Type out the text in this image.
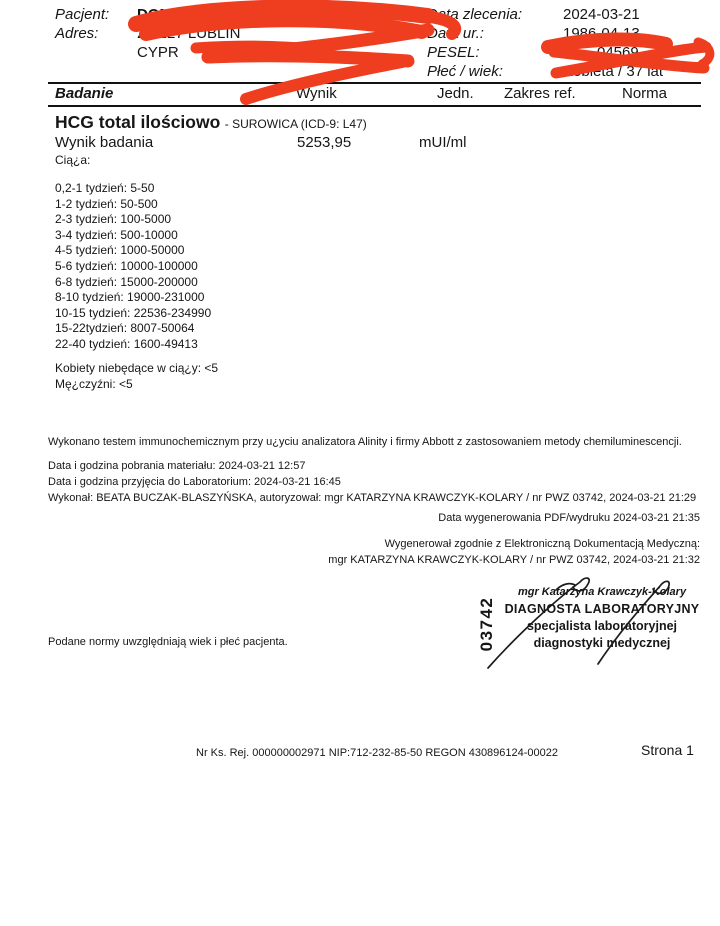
Pacjent: DOM	NA
Adres:	20-227 LUBLIN
CYPR
Data zlecenia:	2024-03-21
Data ur.:	1986-04-13
PESEL:	04569
Płeć / wiek:	Kobieta / 37 lat
Badanie	Wynik	Jedn. Zakres ref.	Norma
HCG total ilościowo - SUROWICA (ICD-9: L47)
Wynik badania	5253,95	mUI/ml
Cią¿a:
0,2-1 tydzień: 5-50
1-2 tydzień: 50-500
2-3 tydzień: 100-5000
3-4 tydzień: 500-10000
4-5 tydzień: 1000-50000
5-6 tydzień: 10000-100000
6-8 tydzień: 15000-200000
8-10 tydzień: 19000-231000
10-15 tydzień: 22536-234990
15-22tydzień: 8007-50064
22-40 tydzień: 1600-49413
Kobiety niebędące w cią¿y: <5
Mę¿czyźni: <5
Wykonano testem immunochemicznym przy u¿yciu analizatora Alinity i firmy Abbott z zastosowaniem metody chemiluminescencji.
Data i godzina pobrania materiału: 2024-03-21 12:57
Data i godzina przyjęcia do Laboratorium: 2024-03-21 16:45
Wykonał: BEATA BUCZAK-BLASZYŃSKA, autoryzował: mgr KATARZYNA KRAWCZYK-KOLARY / nr PWZ 03742, 2024-03-21 21:29
Data wygenerowania PDF/wydruku 2024-03-21 21:35
Wygenerował zgodnie z Elektroniczną Dokumentacją Medyczną:
mgr KATARZYNA KRAWCZYK-KOLARY / nr PWZ 03742, 2024-03-21 21:32
03742
mgr Katarzyna Krawczyk-Kolary
DIAGNOSTA LABORATORYJNY
specjalista laboratoryjnej
diagnostyki medycznej
Podane normy uwzględniają wiek i płeć pacjenta.
Nr Ks. Rej. 000000002971 NIP:712-232-85-50 REGON 430896124-00022	Strona 1
